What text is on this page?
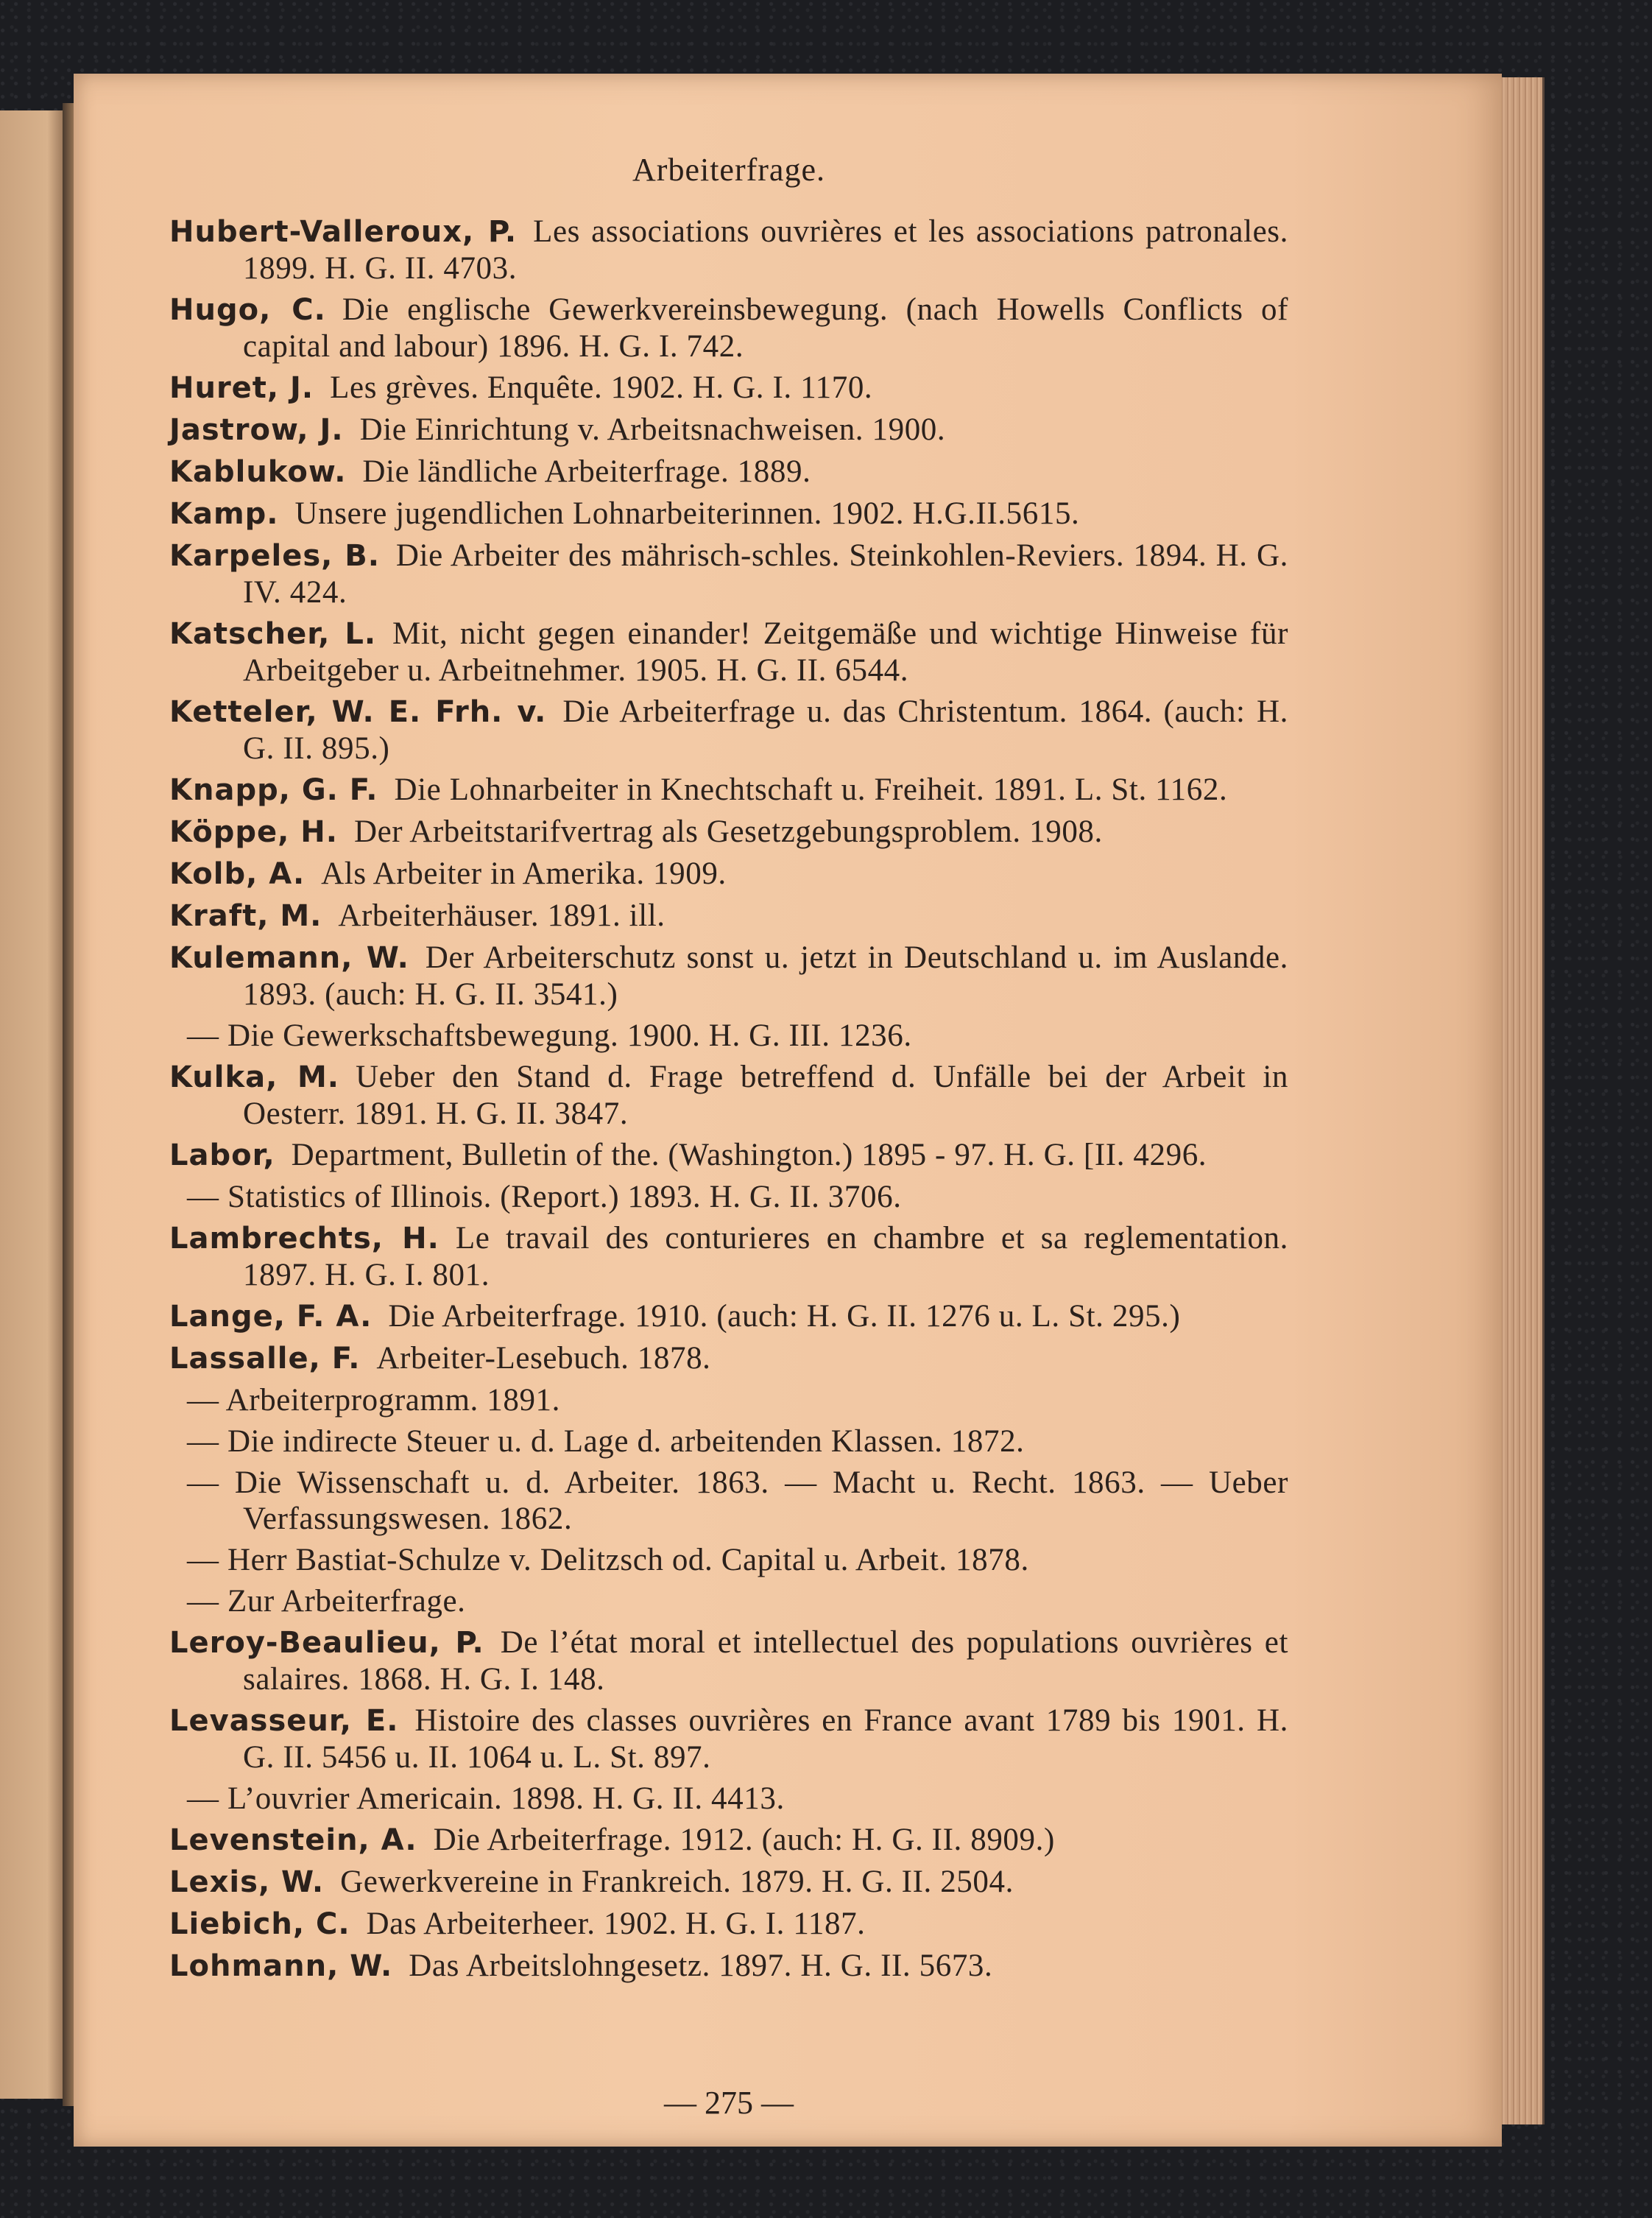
Arbeiterfrage.
Hubert-Valleroux, P. Les associations ouvrières et les associations patronales. 1899. H. G. II. 4703.
Hugo, C. Die englische Gewerkvereinsbewegung. (nach Howells Conflicts of capital and labour) 1896. H. G. I. 742.
Huret, J. Les grèves. Enquête. 1902. H. G. I. 1170.
Jastrow, J. Die Einrichtung v. Arbeitsnachweisen. 1900.
Kablukow. Die ländliche Arbeiterfrage. 1889.
Kamp. Unsere jugendlichen Lohnarbeiterinnen. 1902. H.G.II.5615.
Karpeles, B. Die Arbeiter des mährisch-schles. Steinkohlen-Reviers. 1894. H. G. IV. 424.
Katscher, L. Mit, nicht gegen einander! Zeitgemäße und wichtige Hinweise für Arbeitgeber u. Arbeitnehmer. 1905. H. G. II. 6544.
Ketteler, W. E. Frh. v. Die Arbeiterfrage u. das Christentum. 1864. (auch: H. G. II. 895.)
Knapp, G. F. Die Lohnarbeiter in Knechtschaft u. Freiheit. 1891. L. St. 1162.
Köppe, H. Der Arbeitstarifvertrag als Gesetzgebungsproblem. 1908.
Kolb, A. Als Arbeiter in Amerika. 1909.
Kraft, M. Arbeiterhäuser. 1891. ill.
Kulemann, W. Der Arbeiterschutz sonst u. jetzt in Deutschland u. im Auslande. 1893. (auch: H. G. II. 3541.)
— Die Gewerkschaftsbewegung. 1900. H. G. III. 1236.
Kulka, M. Ueber den Stand d. Frage betreffend d. Unfälle bei der Arbeit in Oesterr. 1891. H. G. II. 3847.
Labor, Department, Bulletin of the. (Washington.) 1895 - 97. H. G. [II. 4296.
— Statistics of Illinois. (Report.) 1893. H. G. II. 3706.
Lambrechts, H. Le travail des conturieres en chambre et sa reglementation. 1897. H. G. I. 801.
Lange, F. A. Die Arbeiterfrage. 1910. (auch: H. G. II. 1276 u. L. St. 295.)
Lassalle, F. Arbeiter-Lesebuch. 1878.
— Arbeiterprogramm. 1891.
— Die indirecte Steuer u. d. Lage d. arbeitenden Klassen. 1872.
— Die Wissenschaft u. d. Arbeiter. 1863. — Macht u. Recht. 1863. — Ueber Verfassungswesen. 1862.
— Herr Bastiat-Schulze v. Delitzsch od. Capital u. Arbeit. 1878.
— Zur Arbeiterfrage.
Leroy-Beaulieu, P. De l’état moral et intellectuel des populations ouvrières et salaires. 1868. H. G. I. 148.
Levasseur, E. Histoire des classes ouvrières en France avant 1789 bis 1901. H. G. II. 5456 u. II. 1064 u. L. St. 897.
— L’ouvrier Americain. 1898. H. G. II. 4413.
Levenstein, A. Die Arbeiterfrage. 1912. (auch: H. G. II. 8909.)
Lexis, W. Gewerkvereine in Frankreich. 1879. H. G. II. 2504.
Liebich, C. Das Arbeiterheer. 1902. H. G. I. 1187.
Lohmann, W. Das Arbeitslohngesetz. 1897. H. G. II. 5673.
— 275 —
